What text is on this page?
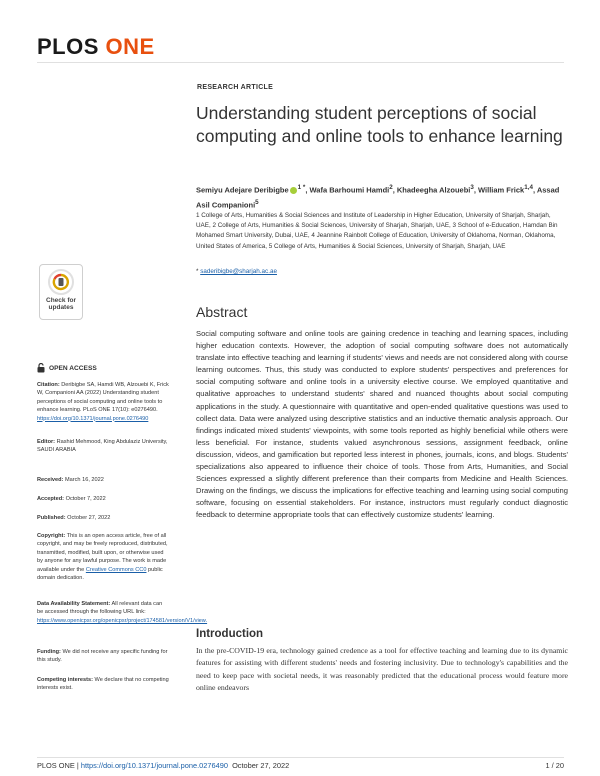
PLOS ONE
RESEARCH ARTICLE
Understanding student perceptions of social computing and online tools to enhance learning
Semiyu Adejare Deribigbe $^{1 *}$, Wafa Barhoumi Hamdi$^2$, Khadeegha Alzouebi$^3$, William Frick$^{1,4}$, Assad Asil Companioni$^5$
1 College of Arts, Humanities & Social Sciences and Institute of Leadership in Higher Education, University of Sharjah, Sharjah, UAE, 2 College of Arts, Humanities & Social Sciences, University of Sharjah, Sharjah, UAE, 3 School of e-Education, Hamdan Bin Mohamed Smart University, Dubai, UAE, 4 Jeannine Rainbolt College of Education, University of Oklahoma, Norman, Oklahoma, United States of America, 5 College of Arts, Humanities & Social Sciences, University of Sharjah, Sharjah, UAE
* saderibigbe@sharjah.ac.ae
Check for
updates
OPEN ACCESS
Citation: Deribigbe SA, Hamdi WB, Alzouebi K, Frick W, Companioni AA (2022) Understanding student perceptions of social computing and online tools to enhance learning. PLoS ONE 17(10): e0276490. https://doi.org/10.1371/journal.pone.0276490
Editor: Rashid Mehmood, King Abdulaziz University, SAUDI ARABIA
Received: March 16, 2022
Accepted: October 7, 2022
Published: October 27, 2022
Copyright: This is an open access article, free of all copyright, and may be freely reproduced, distributed, transmitted, modified, built upon, or otherwise used by anyone for any lawful purpose. The work is made available under the Creative Commons CC0 public domain dedication.
Data Availability Statement: All relevant data can be accessed through the following URL link: https://www.openicpsr.org/openicpsr/project/174581/version/V1/view.
Funding: We did not receive any specific funding for this study.
Competing interests: We declare that no competing interests exist.
Abstract
Social computing software and online tools are gaining credence in teaching and learning spaces, including higher education contexts. However, the adoption of social computing software does not automatically translate into effective teaching and learning if students' views and needs are not considered along with course learning outcomes. Thus, this study was conducted to explore students' perspectives and preferences for social computing software and online tools in a university elective course. We employed quantitative and qualitative approaches to understand students' shared and nuanced thoughts about social computing applications in the study. A questionnaire with quantitative and open-ended qualitative questions was used to collect data. Data were analyzed using descriptive statistics and an inductive thematic analysis approach. Our findings indicated mixed students' viewpoints, with some tools reported as highly beneficial while others were less beneficial. For instance, students valued asynchronous sessions, assignment feedback, online discussion, videos, and gamification but reported less interest in phones, journals, icons, and blogs. Students' specializations also appeared to influence their choice of tools. Those from Arts, Humanities, and Social Sciences expressed a slightly different preference than their comparts from Medicine and Health Sciences. Drawing on the findings, we discuss the implications for effective teaching and learning using social computing software, focusing on essential stakeholders. For instance, instructors must regularly conduct diagnostic feedback to determine appropriate tools that can effectively customize students' learning.
Introduction
In the pre-COVID-19 era, technology gained credence as a tool for effective teaching and learning due to its dynamic features for assisting with different students' needs and fostering inclusivity. Due to technology's capabilities and the need to keep pace with societal needs, it was reasonably predicted that the educational process would feature more online endeavors
PLOS ONE | https://doi.org/10.1371/journal.pone.0276490 October 27, 2022	1 / 20
